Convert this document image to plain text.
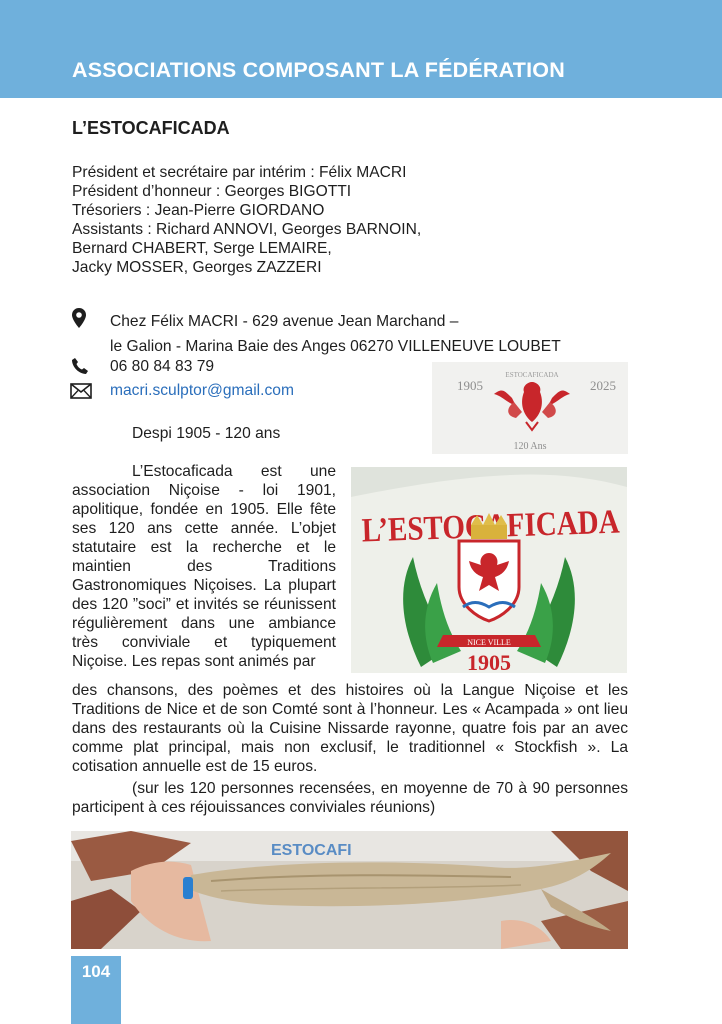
ASSOCIATIONS COMPOSANT LA FÉDÉRATION
L’ESTOCAFICADA
Président et secrétaire par intérim : Félix MACRI
Président d’honneur : Georges BIGOTTI
Trésoriers : Jean-Pierre GIORDANO
Assistants : Richard ANNOVI, Georges BARNOIN,
Bernard CHABERT, Serge LEMAIRE,
Jacky MOSSER, Georges ZAZZERI
Chez Félix MACRI - 629 avenue Jean Marchand –
le Galion - Marina Baie des Anges 06270 VILLENEUVE LOUBET
06 80 84 83 79
macri.sculptor@gmail.com
Despi 1905 - 120 ans
1905	2025
ESTOCAFICADA
120 Ans

L’Estocaficada est une association Niçoise - loi 1901, apolitique, fondée en 1905. Elle fête ses 120 ans cette année. L’objet statutaire est la recherche et le maintien des Traditions Gastronomiques Niçoises. La plupart des 120 ”soci” et invités se réunissent régulièrement dans une ambiance très conviviale et typiquement Niçoise. Les repas sont animés par

L’ESTOCAFICADA
NICE VILLE
1905

des chansons, des poèmes et des histoires où la Langue Niçoise et les Traditions de Nice et de son Comté sont à l’honneur. Les « Acampada » ont lieu dans des restaurants où la Cuisine Nissarde rayonne, quatre fois par an avec comme plat principal, mais non exclusif, le traditionnel « Stockfish ». La cotisation annuelle est de 15 euros.

(sur les 120 personnes recensées, en moyenne de 70 à 90 personnes participent à ces réjouissances conviviales réunions)
ESTOCAFI
104
